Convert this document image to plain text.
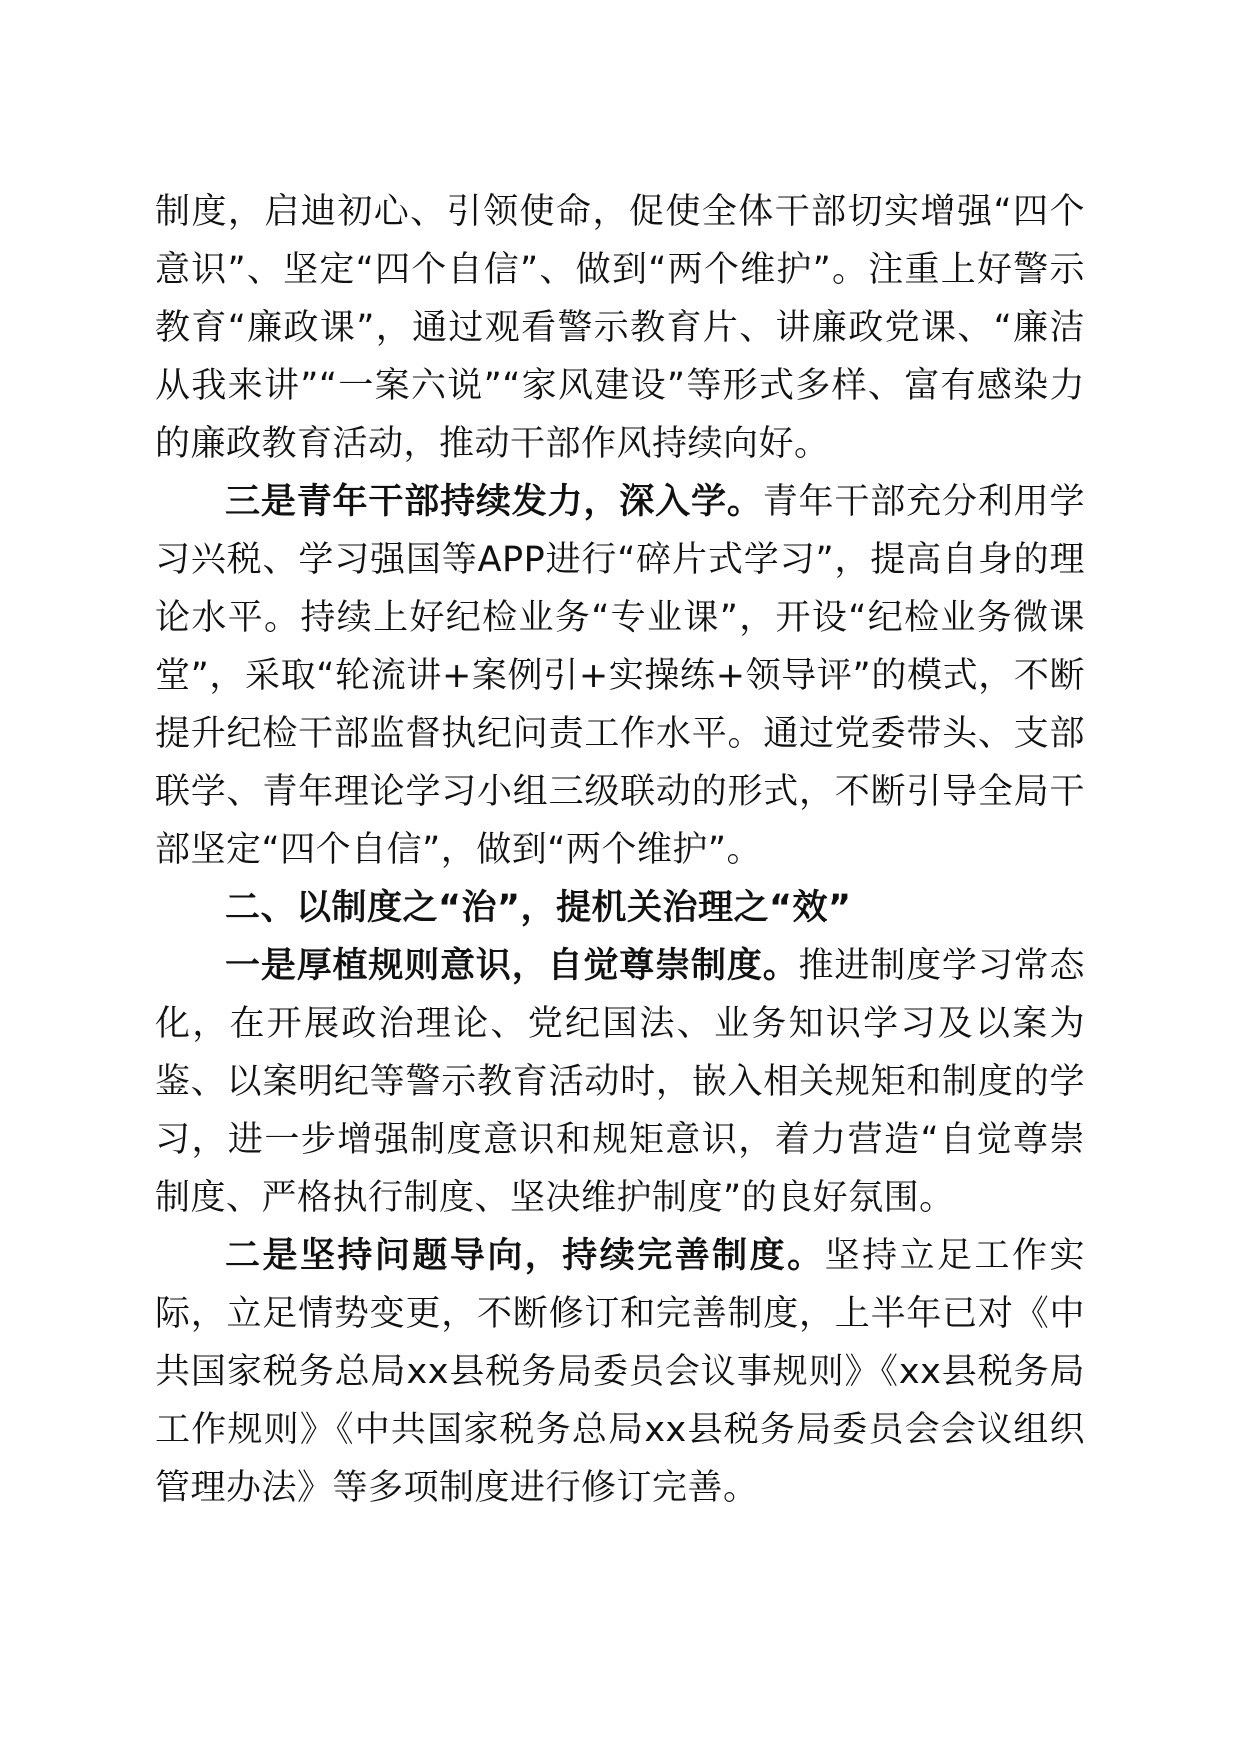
制度，启迪初心、引领使命，促使全体干部切实增强“四个意识”、坚定“四个自信”、做到“两个维护”。注重上好警示教育“廉政课”，通过观看警示教育片、讲廉政党课、“廉洁从我来讲”“一案六说”“家风建设”等形式多样、富有感染力的廉政教育活动，推动干部作风持续向好。

三是青年干部持续发力，深入学。青年干部充分利用学习兴税、学习强国等APP进行“碎片式学习”，提高自身的理论水平。持续上好纪检业务“专业课”，开设“纪检业务微课堂”，采取“轮流讲+案例引+实操练+领导评”的模式，不断提升纪检干部监督执纪问责工作水平。通过党委带头、支部联学、青年理论学习小组三级联动的形式，不断引导全局干部坚定“四个自信”，做到“两个维护”。

二、以制度之“治”，提机关治理之“效”

一是厚植规则意识，自觉尊崇制度。推进制度学习常态化，在开展政治理论、党纪国法、业务知识学习及以案为鉴、以案明纪等警示教育活动时，嵌入相关规矩和制度的学习，进一步增强制度意识和规矩意识，着力营造“自觉尊崇制度、严格执行制度、坚决维护制度”的良好氛围。

二是坚持问题导向，持续完善制度。坚持立足工作实际，立足情势变更，不断修订和完善制度，上半年已对《中共国家税务总局xx县税务局委员会议事规则》《xx县税务局工作规则》《中共国家税务总局xx县税务局委员会会议组织管理办法》等多项制度进行修订完善。
